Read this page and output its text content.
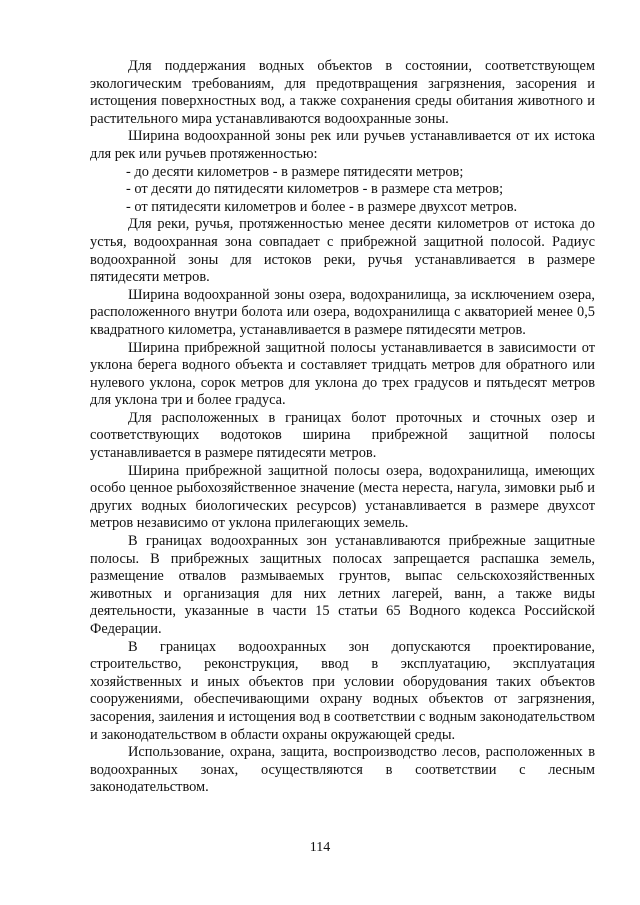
Для поддержания водных объектов в состоянии, соответствующем экологическим требованиям, для предотвращения загрязнения, засорения и истощения поверхностных вод, а также сохранения среды обитания животного и растительного мира устанавливаются водоохранные зоны.

Ширина водоохранной зоны рек или ручьев устанавливается от их истока для рек или ручьев протяженностью:

- до десяти километров - в размере пятидесяти метров;

- от десяти до пятидесяти километров - в размере ста метров;

- от пятидесяти километров и более - в размере двухсот метров.

Для реки, ручья, протяженностью менее десяти километров от истока до устья, водоохранная зона совпадает с прибрежной защитной полосой. Радиус водоохранной зоны для истоков реки, ручья устанавливается в размере пятидесяти метров.

Ширина водоохранной зоны озера, водохранилища, за исключением озера, расположенного внутри болота или озера, водохранилища с акваторией менее 0,5 квадратного километра, устанавливается в размере пятидесяти метров.

Ширина прибрежной защитной полосы устанавливается в зависимости от уклона берега водного объекта и составляет тридцать метров для обратного или нулевого уклона, сорок метров для уклона до трех градусов и пятьдесят метров для уклона три и более градуса.

Для расположенных в границах болот проточных и сточных озер и соответствующих водотоков ширина прибрежной защитной полосы устанавливается в размере пятидесяти метров.

Ширина прибрежной защитной полосы озера, водохранилища, имеющих особо ценное рыбохозяйственное значение (места нереста, нагула, зимовки рыб и других водных биологических ресурсов) устанавливается в размере двухсот метров независимо от уклона прилегающих земель.

В границах водоохранных зон устанавливаются прибрежные защитные полосы. В прибрежных защитных полосах запрещается распашка земель, размещение отвалов размываемых грунтов, выпас сельскохозяйственных животных и организация для них летних лагерей, ванн, а также виды деятельности, указанные в части 15 статьи 65 Водного кодекса Российской Федерации.

В границах водоохранных зон допускаются проектирование, строительство, реконструкция, ввод в эксплуатацию, эксплуатация хозяйственных и иных объектов при условии оборудования таких объектов сооружениями, обеспечивающими охрану водных объектов от загрязнения, засорения, заиления и истощения вод в соответствии с водным законодательством и законодательством в области охраны окружающей среды.

Использование, охрана, защита, воспроизводство лесов, расположенных в водоохранных зонах, осуществляются в соответствии с лесным законодательством.

114
